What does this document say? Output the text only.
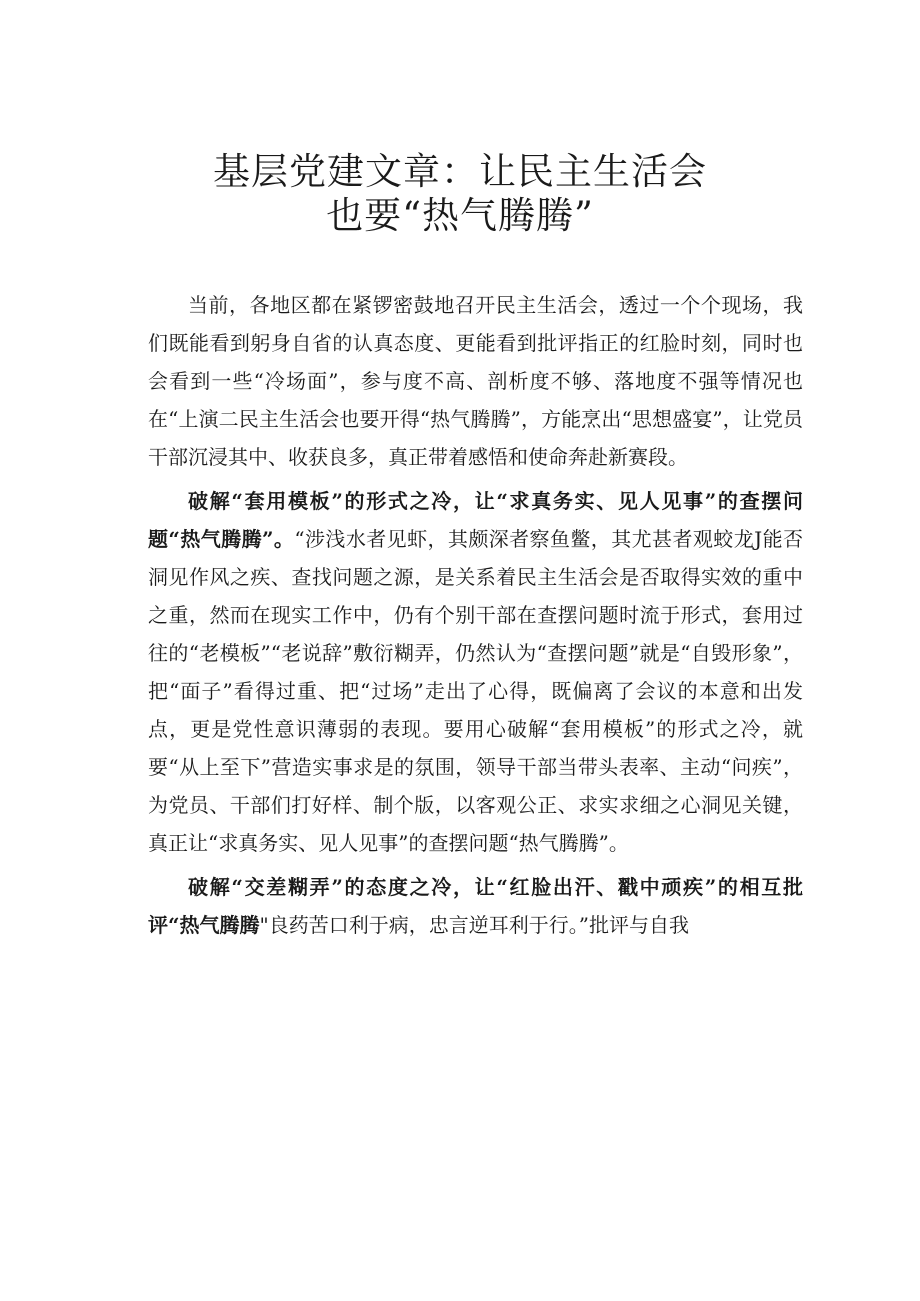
基层党建文章：让民主生活会
也要“热气腾腾”

当前，各地区都在紧锣密鼓地召开民主生活会，透过一个个现场，我们既能看到躬身自省的认真态度、更能看到批评指正的红脸时刻，同时也会看到一些“冷场面”，参与度不高、剖析度不够、落地度不强等情况也在“上演二民主生活会也要开得“热气腾腾”，方能烹出“思想盛宴”，让党员干部沉浸其中、收获良多，真正带着感悟和使命奔赴新赛段。

破解“套用模板”的形式之冷，让“求真务实、见人见事”的查摆问题“热气腾腾”。“涉浅水者见虾，其颇深者察鱼鳖，其尤甚者观蛟龙J能否洞见作风之疾、查找问题之源，是关系着民主生活会是否取得实效的重中之重，然而在现实工作中，仍有个别干部在查摆问题时流于形式，套用过往的“老模板”“老说辞”敷衍糊弄，仍然认为“查摆问题”就是“自毁形象”，把“面子”看得过重、把“过场”走出了心得，既偏离了会议的本意和出发点，更是党性意识薄弱的表现。要用心破解“套用模板”的形式之冷，就要“从上至下”营造实事求是的氛围，领导干部当带头表率、主动“问疾”，为党员、干部们打好样、制个版，以客观公正、求实求细之心洞见关键，真正让“求真务实、见人见事”的查摆问题“热气腾腾”。

破解“交差糊弄”的态度之冷，让“红脸出汗、戳中顽疾”的相互批评“热气腾腾"良药苦口利于病，忠言逆耳利于行。”批评与自我
